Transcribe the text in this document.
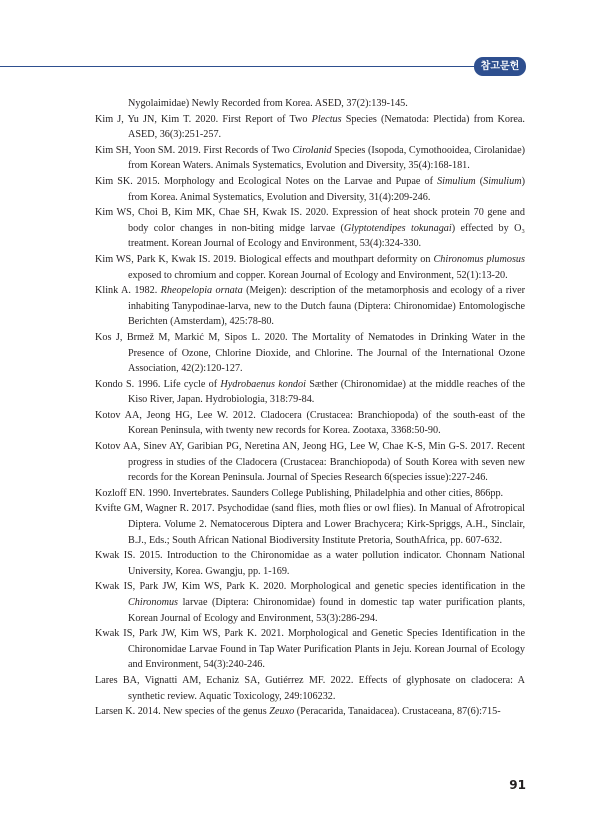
참고문헌

Nygolaimidae) Newly Recorded from Korea. ASED, 37(2):139-145.

Kim J, Yu JN, Kim T. 2020. First Report of Two Plectus Species (Nematoda: Plectida) from Korea. ASED, 36(3):251-257.

Kim SH, Yoon SM. 2019. First Records of Two Cirolanid Species (Isopoda, Cymothooidea, Cirolanidae) from Korean Waters. Animals Systematics, Evolution and Diversity, 35(4):168-181.

Kim SK. 2015. Morphology and Ecological Notes on the Larvae and Pupae of Simulium (Simulium) from Korea. Animal Systematics, Evolution and Diversity, 31(4):209-246.

Kim WS, Choi B, Kim MK, Chae SH, Kwak IS. 2020. Expression of heat shock protein 70 gene and body color changes in non-biting midge larvae (Glyptotendipes tokunagai) effected by O₃ treatment. Korean Journal of Ecology and Environment, 53(4):324-330.

Kim WS, Park K, Kwak IS. 2019. Biological effects and mouthpart deformity on Chironomus plumosus exposed to chromium and copper. Korean Journal of Ecology and Environment, 52(1):13-20.

Klink A. 1982. Rheopelopia ornata (Meigen): description of the metamorphosis and ecology of a river inhabiting Tanypodinae-larva, new to the Dutch fauna (Diptera: Chironomidae) Entomologische Berichten (Amsterdam), 425:78-80.

Kos J, Brmež M, Markić M, Sipos L. 2020. The Mortality of Nematodes in Drinking Water in the Presence of Ozone, Chlorine Dioxide, and Chlorine. The Journal of the International Ozone Association, 42(2):120-127.

Kondo S. 1996. Life cycle of Hydrobaenus kondoi Sæther (Chironomidae) at the middle reaches of the Kiso River, Japan. Hydrobiologia, 318:79-84.

Kotov AA, Jeong HG, Lee W. 2012. Cladocera (Crustacea: Branchiopoda) of the south-east of the Korean Peninsula, with twenty new records for Korea. Zootaxa, 3368:50-90.

Kotov AA, Sinev AY, Garibian PG, Neretina AN, Jeong HG, Lee W, Chae K-S, Min G-S. 2017. Recent progress in studies of the Cladocera (Crustacea: Branchiopoda) of South Korea with seven new records for the Korean Peninsula. Journal of Species Research 6(species issue):227-246.

Kozloff EN. 1990. Invertebrates. Saunders College Publishing, Philadelphia and other cities, 866pp.

Kvifte GM, Wagner R. 2017. Psychodidae (sand flies, moth flies or owl flies). In Manual of Afrotropical Diptera. Volume 2. Nematocerous Diptera and Lower Brachycera; Kirk-Spriggs, A.H., Sinclair, B.J., Eds.; South African National Biodiversity Institute Pretoria, SouthAfrica, pp. 607-632.

Kwak IS. 2015. Introduction to the Chironomidae as a water pollution indicator. Chonnam National University, Korea. Gwangju, pp. 1-169.

Kwak IS, Park JW, Kim WS, Park K. 2020. Morphological and genetic species identification in the Chironomus larvae (Diptera: Chironomidae) found in domestic tap water purification plants, Korean Journal of Ecology and Environment, 53(3):286-294.

Kwak IS, Park JW, Kim WS, Park K. 2021. Morphological and Genetic Species Identification in the Chironomidae Larvae Found in Tap Water Purification Plants in Jeju. Korean Journal of Ecology and Environment, 54(3):240-246.

Lares BA, Vignatti AM, Echaniz SA, Gutiérrez MF. 2022. Effects of glyphosate on cladocera: A synthetic review. Aquatic Toxicology, 249:106232.

Larsen K. 2014. New species of the genus Zeuxo (Peracarida, Tanaidacea). Crustaceana, 87(6):715-

91
